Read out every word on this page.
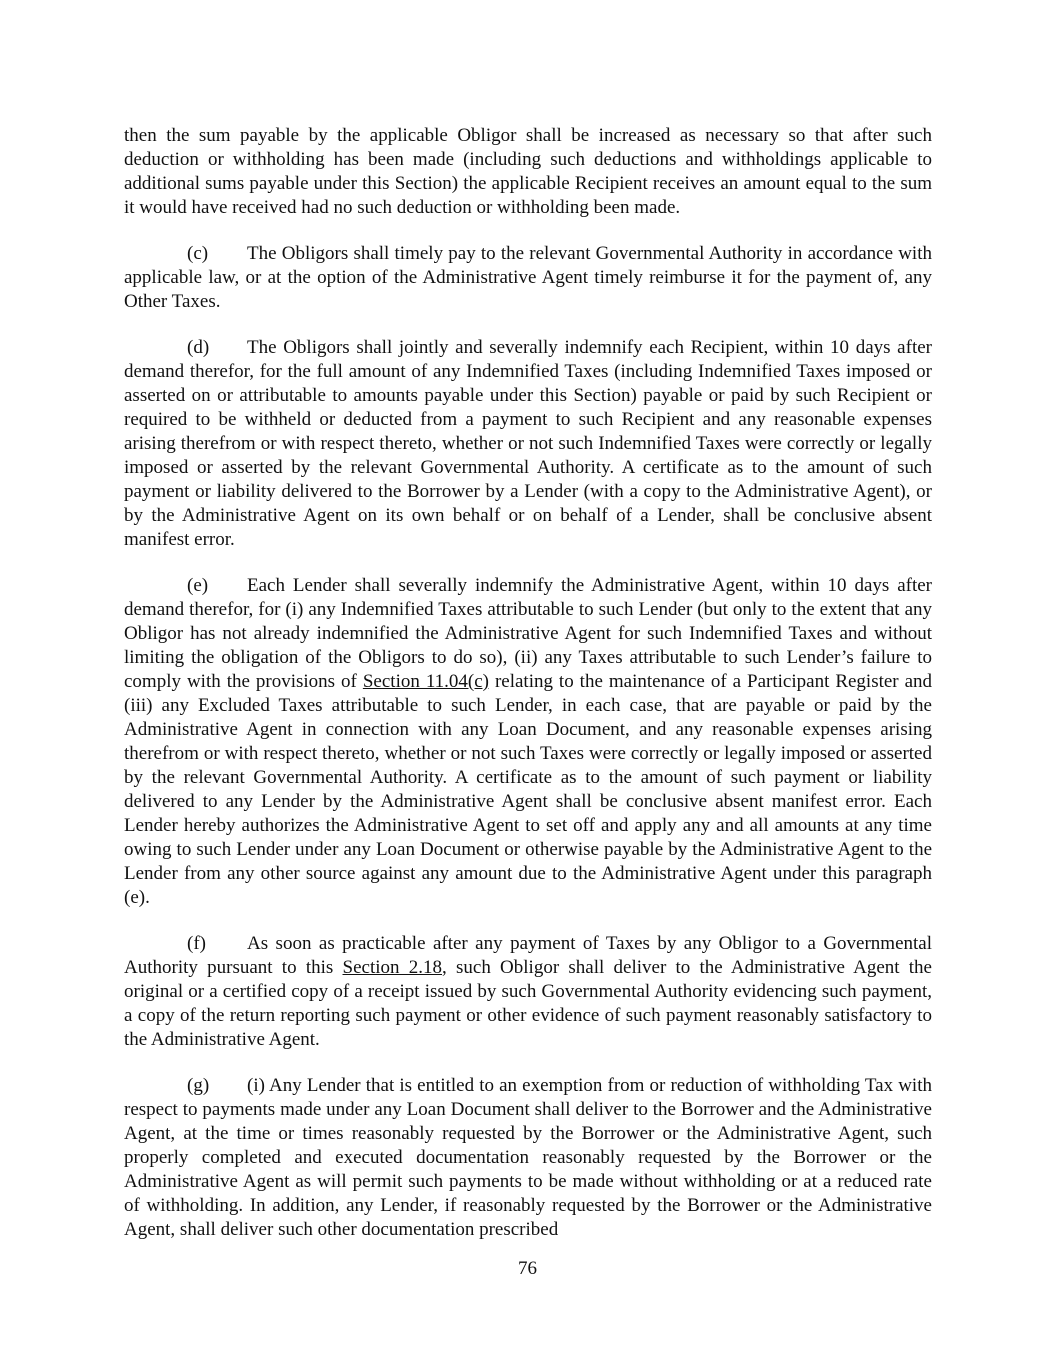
then the sum payable by the applicable Obligor shall be increased as necessary so that after such deduction or withholding has been made (including such deductions and withholdings applicable to additional sums payable under this Section) the applicable Recipient receives an amount equal to the sum it would have received had no such deduction or withholding been made.

(c) The Obligors shall timely pay to the relevant Governmental Authority in accordance with applicable law, or at the option of the Administrative Agent timely reimburse it for the payment of, any Other Taxes.

(d) The Obligors shall jointly and severally indemnify each Recipient, within 10 days after demand therefor, for the full amount of any Indemnified Taxes (including Indemnified Taxes imposed or asserted on or attributable to amounts payable under this Section) payable or paid by such Recipient or required to be withheld or deducted from a payment to such Recipient and any reasonable expenses arising therefrom or with respect thereto, whether or not such Indemnified Taxes were correctly or legally imposed or asserted by the relevant Governmental Authority. A certificate as to the amount of such payment or liability delivered to the Borrower by a Lender (with a copy to the Administrative Agent), or by the Administrative Agent on its own behalf or on behalf of a Lender, shall be conclusive absent manifest error.

(e) Each Lender shall severally indemnify the Administrative Agent, within 10 days after demand therefor, for (i) any Indemnified Taxes attributable to such Lender (but only to the extent that any Obligor has not already indemnified the Administrative Agent for such Indemnified Taxes and without limiting the obligation of the Obligors to do so), (ii) any Taxes attributable to such Lender’s failure to comply with the provisions of Section 11.04(c) relating to the maintenance of a Participant Register and (iii) any Excluded Taxes attributable to such Lender, in each case, that are payable or paid by the Administrative Agent in connection with any Loan Document, and any reasonable expenses arising therefrom or with respect thereto, whether or not such Taxes were correctly or legally imposed or asserted by the relevant Governmental Authority. A certificate as to the amount of such payment or liability delivered to any Lender by the Administrative Agent shall be conclusive absent manifest error. Each Lender hereby authorizes the Administrative Agent to set off and apply any and all amounts at any time owing to such Lender under any Loan Document or otherwise payable by the Administrative Agent to the Lender from any other source against any amount due to the Administrative Agent under this paragraph (e).

(f) As soon as practicable after any payment of Taxes by any Obligor to a Governmental Authority pursuant to this Section 2.18, such Obligor shall deliver to the Administrative Agent the original or a certified copy of a receipt issued by such Governmental Authority evidencing such payment, a copy of the return reporting such payment or other evidence of such payment reasonably satisfactory to the Administrative Agent.

(g) (i) Any Lender that is entitled to an exemption from or reduction of withholding Tax with respect to payments made under any Loan Document shall deliver to the Borrower and the Administrative Agent, at the time or times reasonably requested by the Borrower or the Administrative Agent, such properly completed and executed documentation reasonably requested by the Borrower or the Administrative Agent as will permit such payments to be made without withholding or at a reduced rate of withholding. In addition, any Lender, if reasonably requested by the Borrower or the Administrative Agent, shall deliver such other documentation prescribed

76
